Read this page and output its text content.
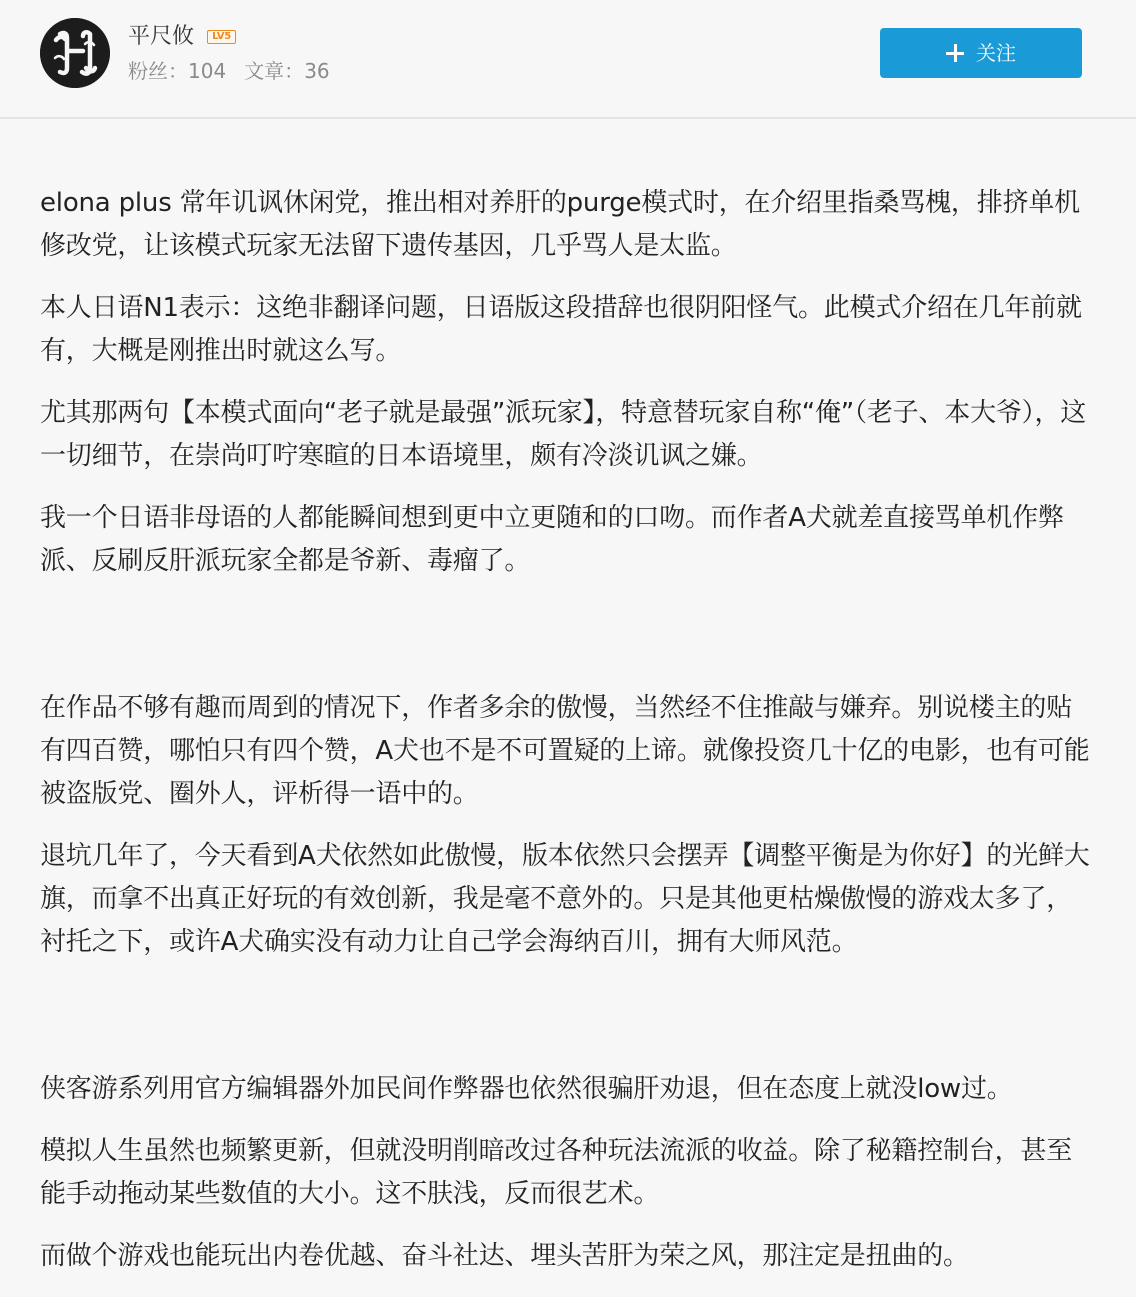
平尺攸	LV5
粉丝：104 文章：36
关注

elona plus 常年讥讽休闲党，推出相对养肝的purge模式时，在介绍里指桑骂槐，排挤单机修改党，让该模式玩家无法留下遗传基因，几乎骂人是太监。

本人日语N1表示：这绝非翻译问题，日语版这段措辞也很阴阳怪气。此模式介绍在几年前就有，大概是刚推出时就这么写。

尤其那两句【本模式面向“老子就是最强”派玩家】，特意替玩家自称“俺”（老子、本大爷），这一切细节，在崇尚叮咛寒暄的日本语境里，颇有冷淡讥讽之嫌。

我一个日语非母语的人都能瞬间想到更中立更随和的口吻。而作者A犬就差直接骂单机作弊派、反刷反肝派玩家全都是爷新、毒瘤了。

在作品不够有趣而周到的情况下，作者多余的傲慢，当然经不住推敲与嫌弃。别说楼主的贴有四百赞，哪怕只有四个赞，A犬也不是不可置疑的上谛。就像投资几十亿的电影，也有可能被盗版党、圈外人，评析得一语中的。

退坑几年了，今天看到A犬依然如此傲慢，版本依然只会摆弄【调整平衡是为你好】的光鲜大旗，而拿不出真正好玩的有效创新，我是毫不意外的。只是其他更枯燥傲慢的游戏太多了，衬托之下，或许A犬确实没有动力让自己学会海纳百川，拥有大师风范。

侠客游系列用官方编辑器外加民间作弊器也依然很骗肝劝退，但在态度上就没low过。

模拟人生虽然也频繁更新，但就没明削暗改过各种玩法流派的收益。除了秘籍控制台，甚至能手动拖动某些数值的大小。这不肤浅，反而很艺术。

而做个游戏也能玩出内卷优越、奋斗社达、埋头苦肝为荣之风，那注定是扭曲的。
